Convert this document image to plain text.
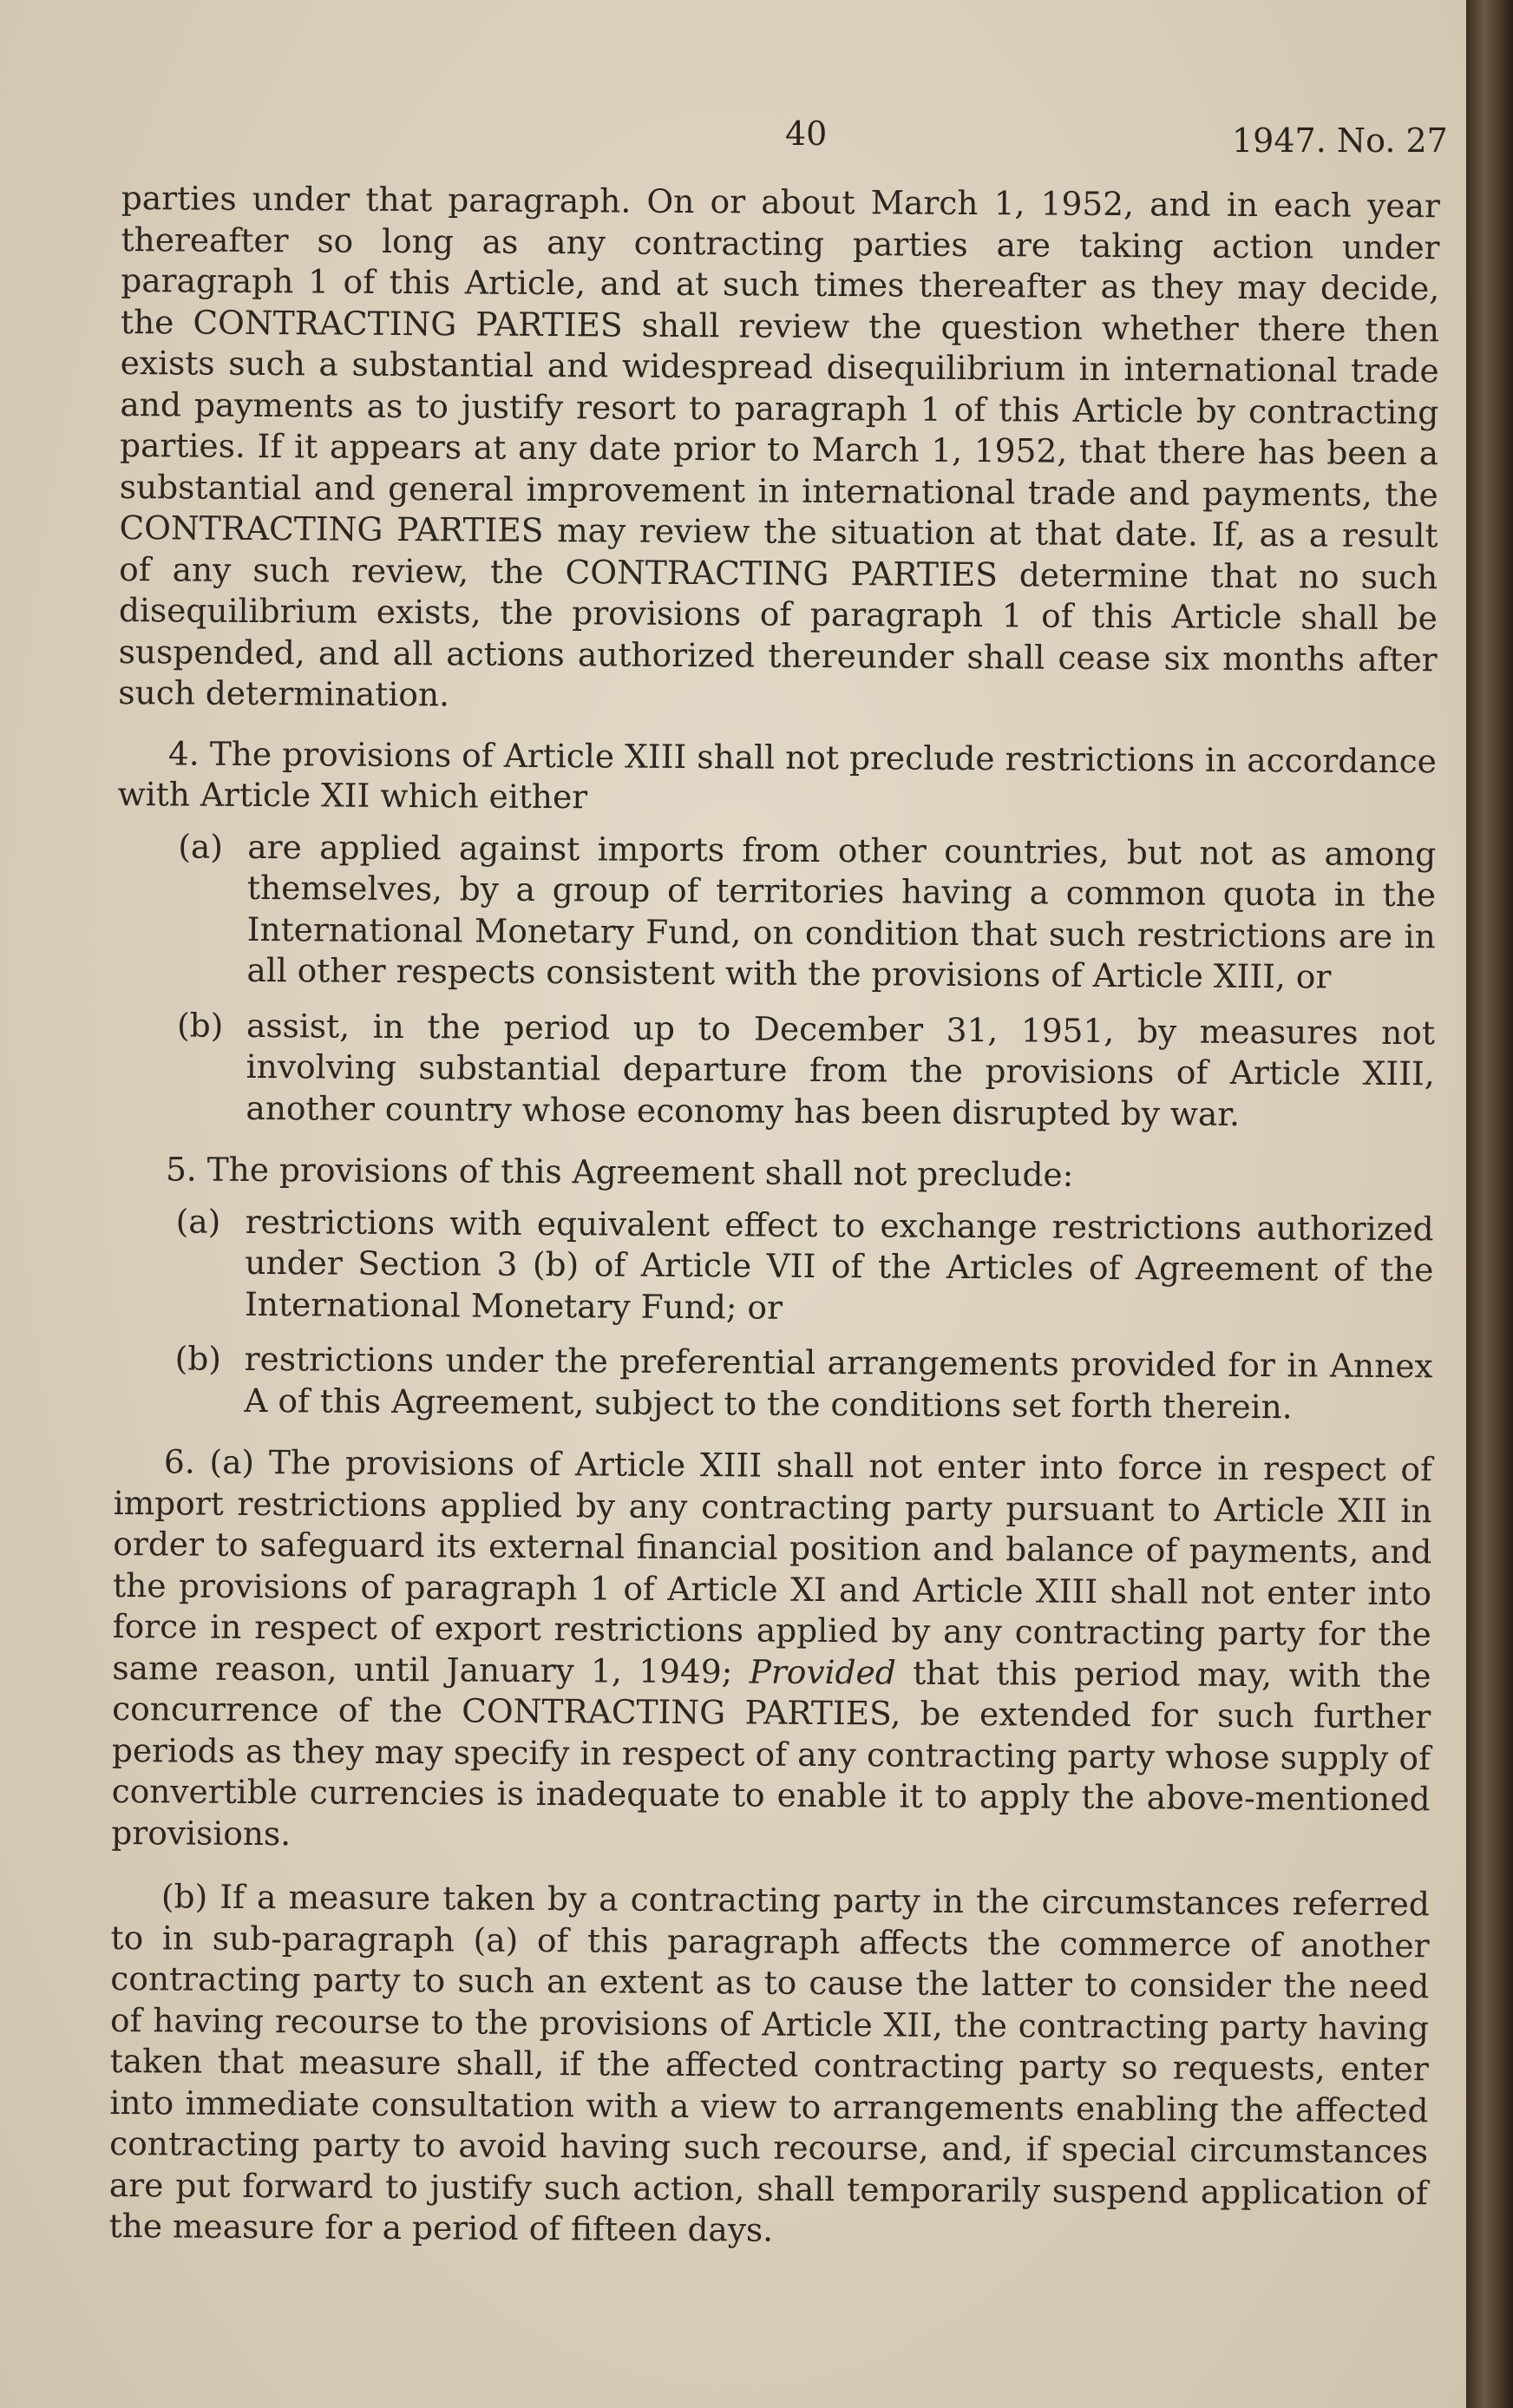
40	1947. No. 27

parties under that paragraph. On or about March 1, 1952, and in each year thereafter so long as any contracting parties are taking action under paragraph 1 of this Article, and at such times thereafter as they may decide, the CONTRACTING PARTIES shall review the question whether there then exists such a substantial and widespread disequilibrium in international trade and payments as to justify resort to paragraph 1 of this Article by contracting parties. If it appears at any date prior to March 1, 1952, that there has been a substantial and general improvement in international trade and payments, the CONTRACTING PARTIES may review the situation at that date. If, as a result of any such review, the CONTRACTING PARTIES determine that no such disequilibrium exists, the provisions of paragraph 1 of this Article shall be suspended, and all actions authorized thereunder shall cease six months after such determination.

4. The provisions of Article XIII shall not preclude restrictions in accordance with Article XII which either

(a) are applied against imports from other countries, but not as among themselves, by a group of territories having a common quota in the International Monetary Fund, on condition that such restrictions are in all other respects consistent with the provisions of Article XIII, or
(b) assist, in the period up to December 31, 1951, by measures not involving substantial departure from the provisions of Article XIII, another country whose economy has been disrupted by war.

5. The provisions of this Agreement shall not preclude:

(a) restrictions with equivalent effect to exchange restrictions authorized under Section 3 (b) of Article VII of the Articles of Agreement of the International Monetary Fund; or
(b) restrictions under the preferential arrangements provided for in Annex A of this Agreement, subject to the conditions set forth therein.

6. (a) The provisions of Article XIII shall not enter into force in respect of import restrictions applied by any contracting party pursuant to Article XII in order to safeguard its external financial position and balance of payments, and the provisions of paragraph 1 of Article XI and Article XIII shall not enter into force in respect of export restrictions applied by any contracting party for the same reason, until January 1, 1949; Provided that this period may, with the concurrence of the CONTRACTING PARTIES, be extended for such further periods as they may specify in respect of any contracting party whose supply of convertible currencies is inadequate to enable it to apply the above-mentioned provisions.

(b) If a measure taken by a contracting party in the circumstances referred to in sub-paragraph (a) of this paragraph affects the commerce of another contracting party to such an extent as to cause the latter to consider the need of having recourse to the provisions of Article XII, the contracting party having taken that measure shall, if the affected contracting party so requests, enter into immediate consultation with a view to arrangements enabling the affected contracting party to avoid having such recourse, and, if special circumstances are put forward to justify such action, shall temporarily suspend application of the measure for a period of fifteen days.
